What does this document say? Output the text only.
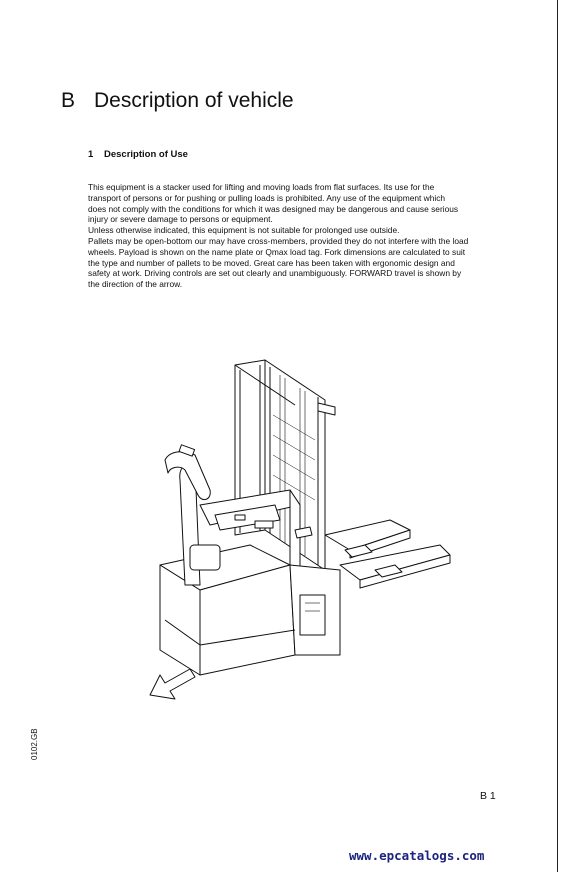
B Description of vehicle
1 Description of Use

This equipment is a stacker used for lifting and moving loads from flat surfaces. Its use for the

transport of persons or for pushing or pulling loads is prohibited. Any use of the equipment which

does not comply with the conditions for which it was designed may be dangerous and cause serious

injury or severe damage to persons or equipment.

Unless otherwise indicated, this equipment is not suitable for prolonged use outside.

Pallets may be open-bottom our may have cross-members, provided they do not interfere with the load

wheels. Payload is shown on the name plate or Qmax load tag. Fork dimensions are calculated to suit

the type and number of pallets to be moved. Great care has been taken with ergonomic design and

safety at work. Driving controls are set out clearly and unambiguously. FORWARD travel is shown by

the direction of the arrow.

0102.GB
B 1
www.epcatalogs.com
